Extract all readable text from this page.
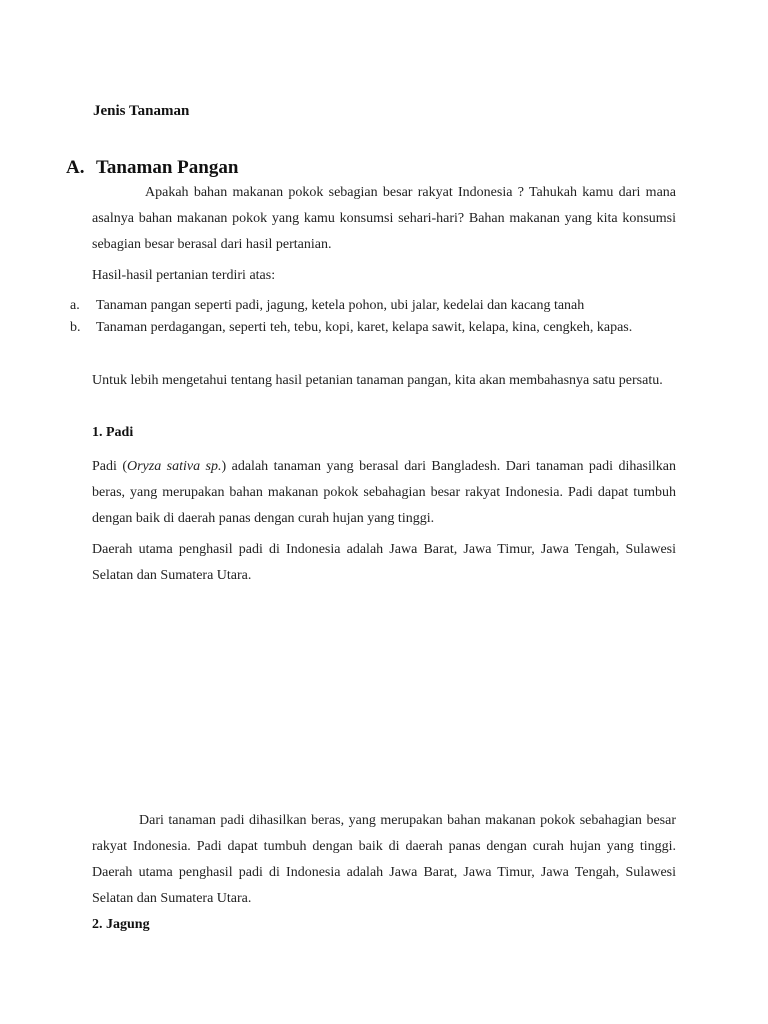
Jenis Tanaman
A. Tanaman Pangan

Apakah bahan makanan pokok sebagian besar rakyat Indonesia ? Tahukah kamu dari mana asalnya bahan makanan pokok yang kamu konsumsi sehari-hari? Bahan makanan yang kita konsumsi sebagian besar berasal dari hasil pertanian.

Hasil-hasil pertanian terdiri atas:

a. Tanaman pangan seperti padi, jagung, ketela pohon, ubi jalar, kedelai dan kacang tanah
b. Tanaman perdagangan, seperti teh, tebu, kopi, karet, kelapa sawit, kelapa, kina, cengkeh, kapas.

Untuk lebih mengetahui tentang hasil petanian tanaman pangan, kita akan membahasnya satu persatu.

1. Padi

Padi (Oryza sativa sp.) adalah tanaman yang berasal dari Bangladesh. Dari tanaman padi dihasilkan beras, yang merupakan bahan makanan pokok sebahagian besar rakyat Indonesia. Padi dapat tumbuh dengan baik di daerah panas dengan curah hujan yang tinggi.

Daerah utama penghasil padi di Indonesia adalah Jawa Barat, Jawa Timur, Jawa Tengah, Sulawesi Selatan dan Sumatera Utara.

Dari tanaman padi dihasilkan beras, yang merupakan bahan makanan pokok sebahagian besar rakyat Indonesia. Padi dapat tumbuh dengan baik di daerah panas dengan curah hujan yang tinggi. Daerah utama penghasil padi di Indonesia adalah Jawa Barat, Jawa Timur, Jawa Tengah, Sulawesi Selatan dan Sumatera Utara.

2. Jagung
